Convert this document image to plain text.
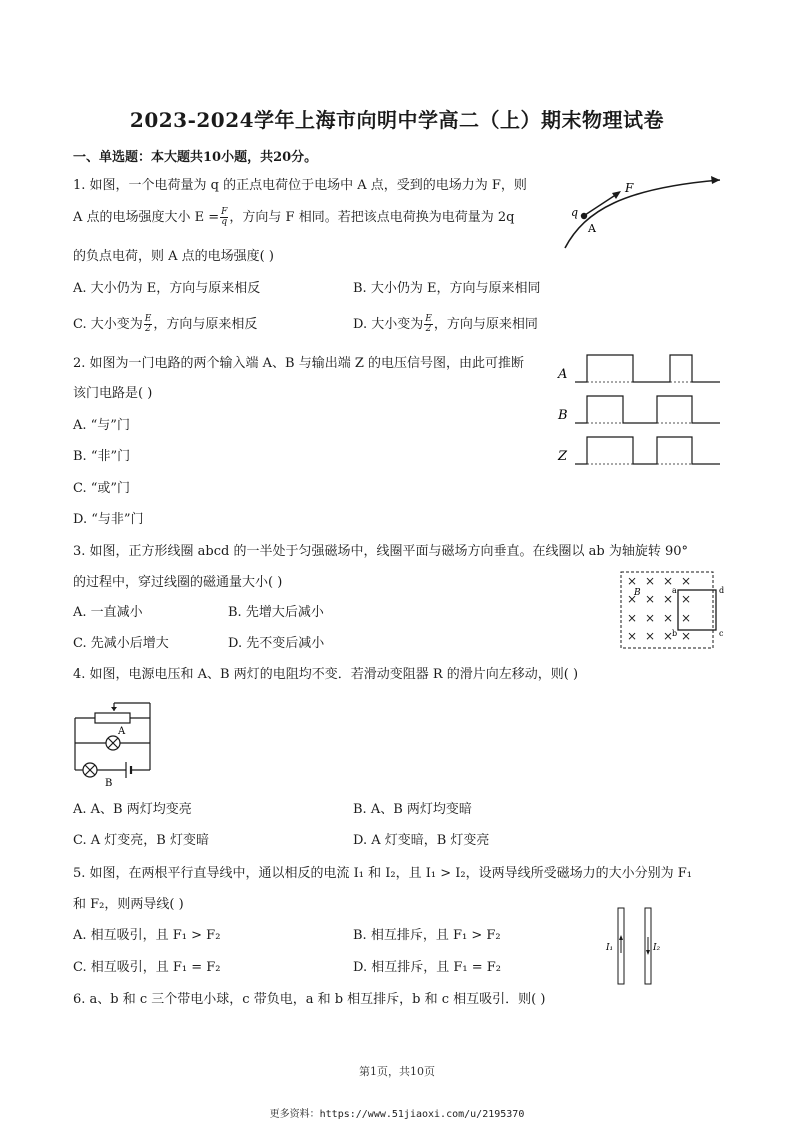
2023-2024学年上海市向明中学高二（上）期末物理试卷
一、单选题：本大题共10小题，共20分。
1. 如图，一个电荷量为 q 的正点电荷位于电场中 A 点，受到的电场力为 F，则
A 点的电场强度大小 $E = \frac{F}{q}$ ，方向与 F 相同。若把该点电荷换为电荷量为 2q
的负点电荷，则 A 点的电场强度( )
A. 大小仍为 E，方向与原来相反	B. 大小仍为 E，方向与原来相同
C. 大小变为 $\frac{E}{2}$ ，方向与原来相反	D. 大小变为 $\frac{E}{2}$ ，方向与原来相同
F
q
A
2. 如图为一门电路的两个输入端 A、B 与输出端 Z 的电压信号图，由此可推断
该门电路是( )
A. “与”门
B. “非”门
C. “或”门
D. “与非”门
A
B
Z
3. 如图，正方形线圈 abcd 的一半处于匀强磁场中，线圈平面与磁场方向垂直。在线圈以 ab 为轴旋转 90°
的过程中，穿过线圈的磁通量大小( )
A. 一直减小	B. 先增大后减小
C. 先减小后增大	D. 先不变后减小
× × × ×
× × × ×
× × × ×
× × × ×
B	a
b
d
c
4. 如图，电源电压和 A、B 两灯的电阻均不变．若滑动变阻器 R 的滑片向左移动，则( )
A
B
A. A、B 两灯均变亮	B. A、B 两灯均变暗
C. A 灯变亮，B 灯变暗	D. A 灯变暗，B 灯变亮
5. 如图，在两根平行直导线中，通以相反的电流 I₁ 和 I₂，且 I₁ > I₂，设两导线所受磁场力的大小分别为 F₁
和 F₂，则两导线( )
A. 相互吸引，且 F₁ > F₂	B. 相互排斥，且 F₁ > F₂
C. 相互吸引，且 F₁ = F₂	D. 相互排斥，且 F₁ = F₂
I₁	I₂
6. a、b 和 c 三个带电小球，c 带负电，a 和 b 相互排斥，b 和 c 相互吸引．则( )
第1页，共10页
更多资料：https://www.51jiaoxi.com/u/2195370
